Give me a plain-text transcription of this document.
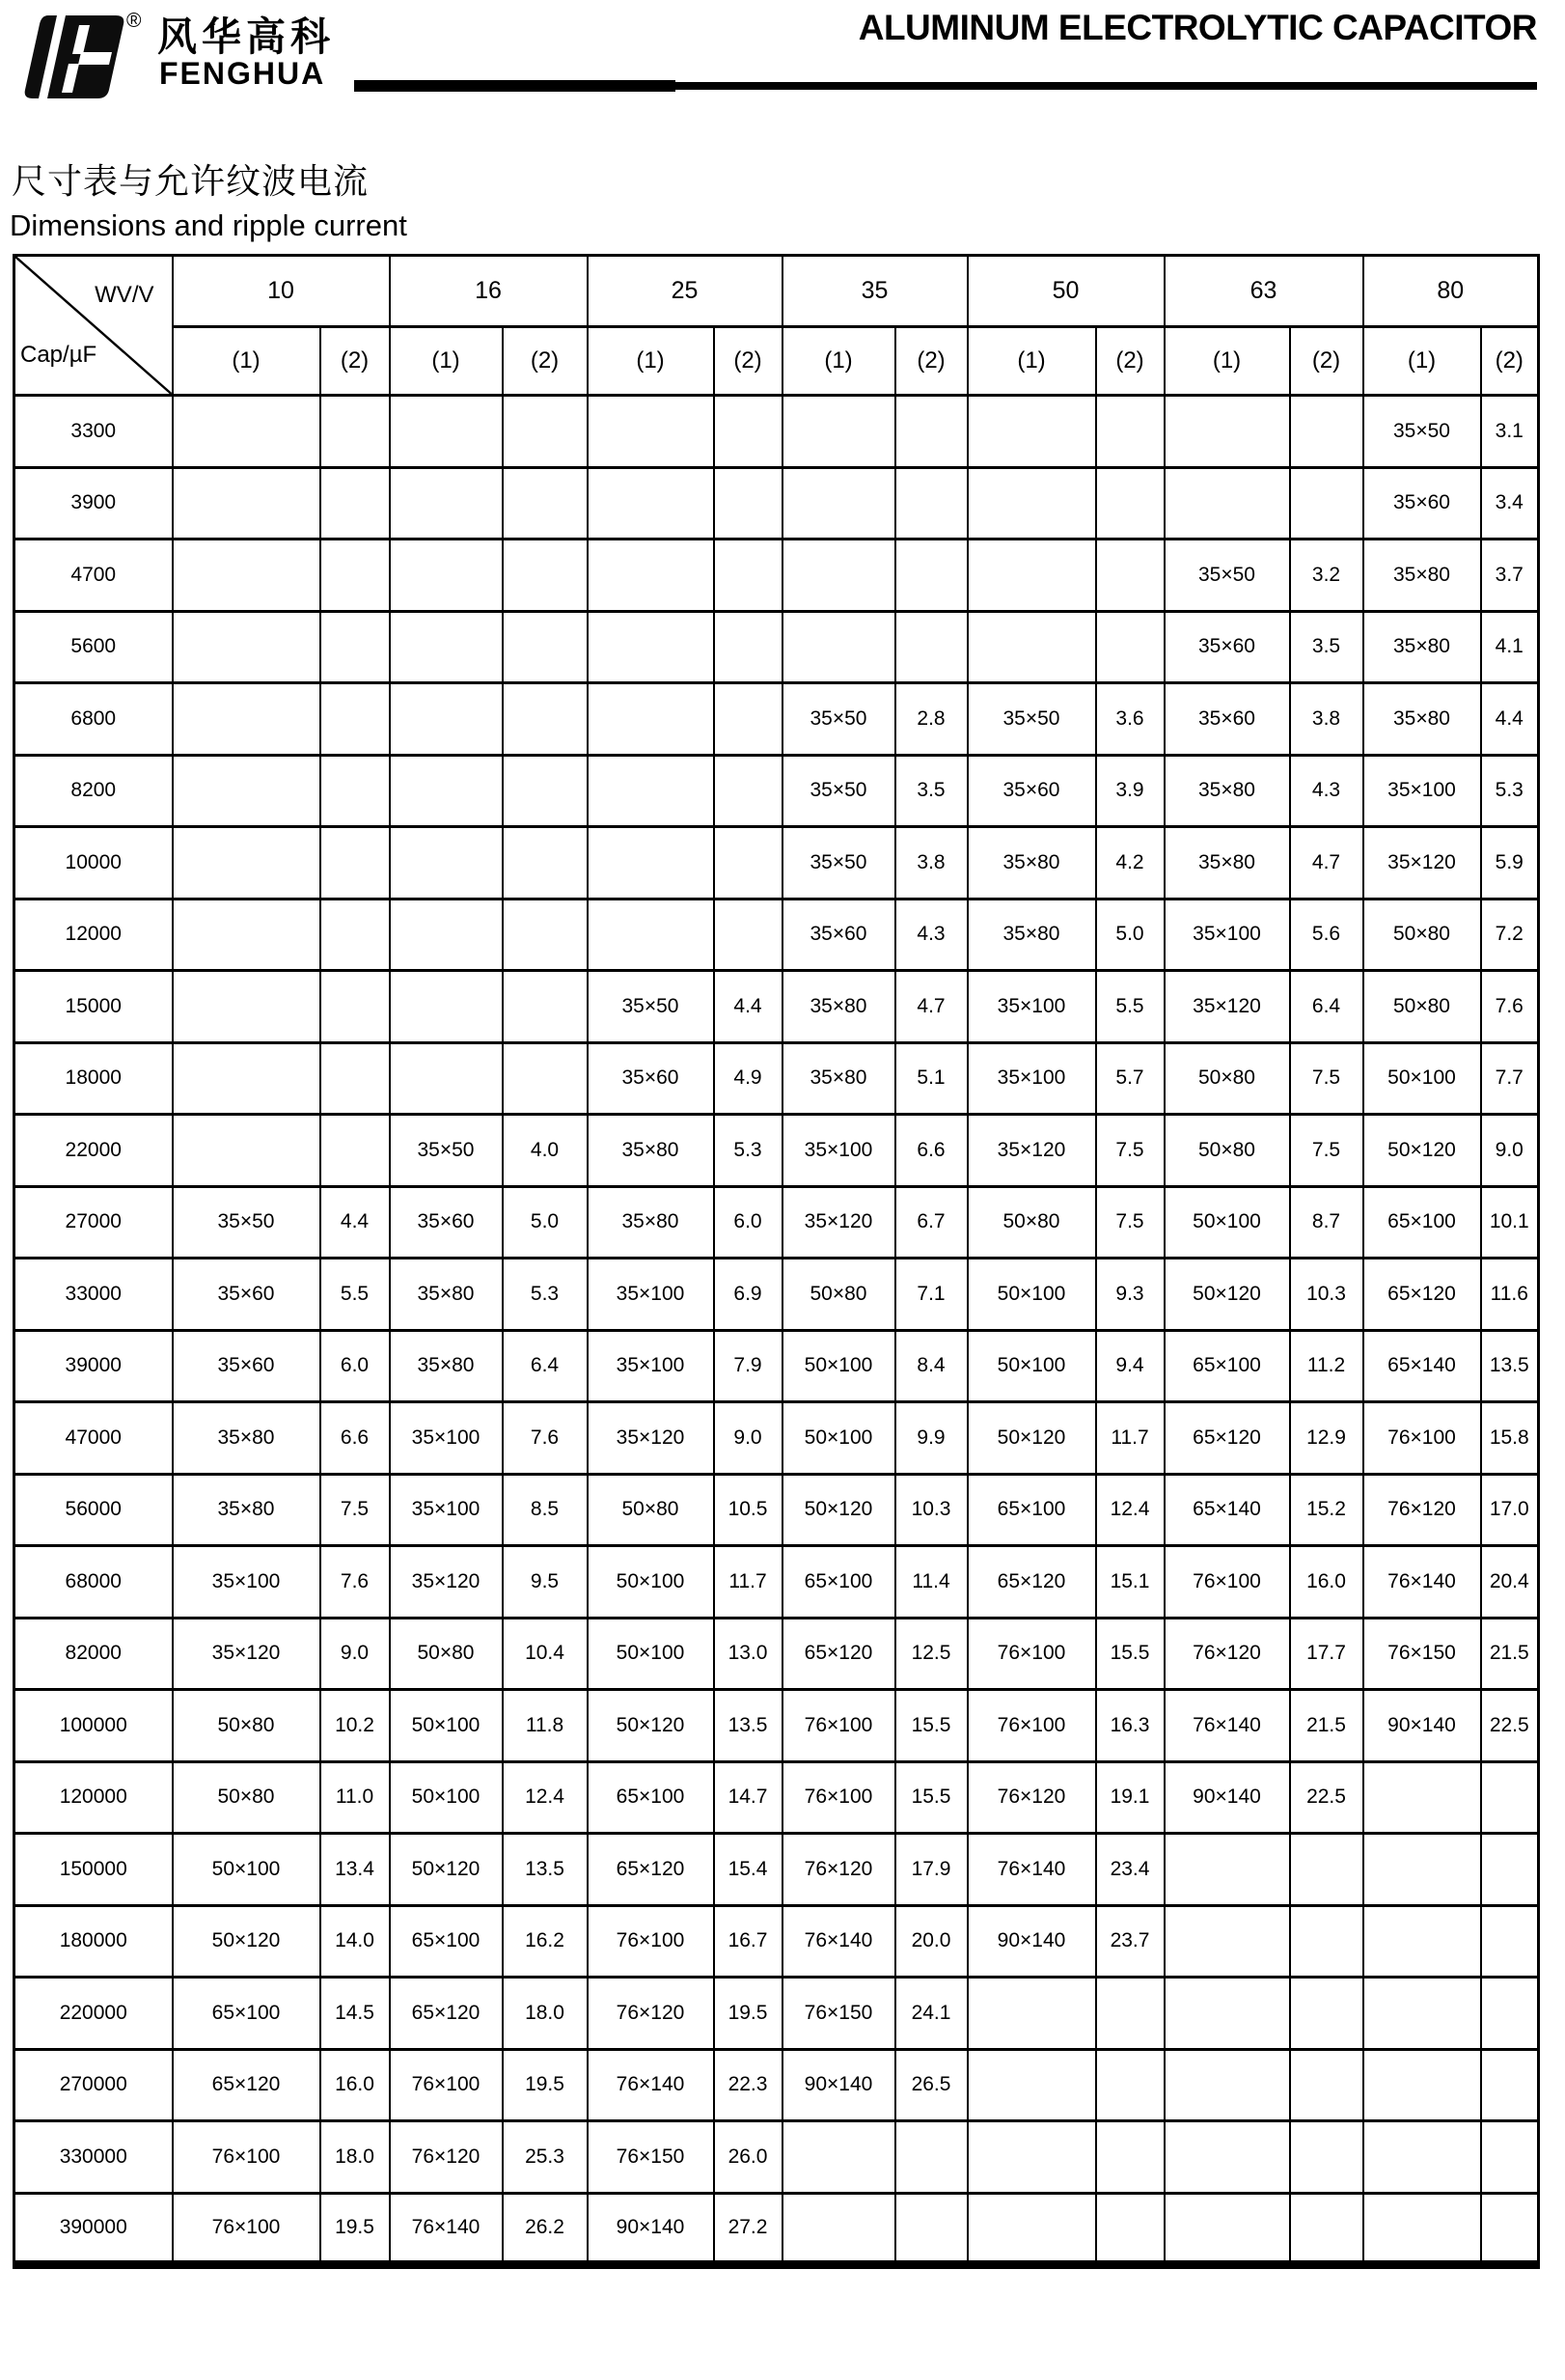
® 风华高科
FENGHUA
ALUMINUM ELECTROLYTIC CAPACITOR
尺寸表与允许纹波电流
Dimensions and ripple current
WV/V
Cap/µF	10		16		25		35		50		63		80	
	(1)	(2)	(1)	(2)	(1)	(2)	(1)	(2)	(1)	(2)	(1)	(2)	(1)	(2)
3300													35×50	3.1
3900													35×60	3.4
4700											35×50	3.2	35×80	3.7
5600											35×60	3.5	35×80	4.1
6800							35×50	2.8	35×50	3.6	35×60	3.8	35×80	4.4
8200							35×50	3.5	35×60	3.9	35×80	4.3	35×100	5.3
10000							35×50	3.8	35×80	4.2	35×80	4.7	35×120	5.9
12000							35×60	4.3	35×80	5.0	35×100	5.6	50×80	7.2
15000					35×50	4.4	35×80	4.7	35×100	5.5	35×120	6.4	50×80	7.6
18000					35×60	4.9	35×80	5.1	35×100	5.7	50×80	7.5	50×100	7.7
22000			35×50	4.0	35×80	5.3	35×100	6.6	35×120	7.5	50×80	7.5	50×120	9.0
27000	35×50	4.4	35×60	5.0	35×80	6.0	35×120	6.7	50×80	7.5	50×100	8.7	65×100	10.1
33000	35×60	5.5	35×80	5.3	35×100	6.9	50×80	7.1	50×100	9.3	50×120	10.3	65×120	11.6
39000	35×60	6.0	35×80	6.4	35×100	7.9	50×100	8.4	50×100	9.4	65×100	11.2	65×140	13.5
47000	35×80	6.6	35×100	7.6	35×120	9.0	50×100	9.9	50×120	11.7	65×120	12.9	76×100	15.8
56000	35×80	7.5	35×100	8.5	50×80	10.5	50×120	10.3	65×100	12.4	65×140	15.2	76×120	17.0
68000	35×100	7.6	35×120	9.5	50×100	11.7	65×100	11.4	65×120	15.1	76×100	16.0	76×140	20.4
82000	35×120	9.0	50×80	10.4	50×100	13.0	65×120	12.5	76×100	15.5	76×120	17.7	76×150	21.5
100000	50×80	10.2	50×100	11.8	50×120	13.5	76×100	15.5	76×100	16.3	76×140	21.5	90×140	22.5
120000	50×80	11.0	50×100	12.4	65×100	14.7	76×100	15.5	76×120	19.1	90×140	22.5		
150000	50×100	13.4	50×120	13.5	65×120	15.4	76×120	17.9	76×140	23.4				
180000	50×120	14.0	65×100	16.2	76×100	16.7	76×140	20.0	90×140	23.7				
220000	65×100	14.5	65×120	18.0	76×120	19.5	76×150	24.1						
270000	65×120	16.0	76×100	19.5	76×140	22.3	90×140	26.5						
330000	76×100	18.0	76×120	25.3	76×150	26.0								
390000	76×100	19.5	76×140	26.2	90×140	27.2								
